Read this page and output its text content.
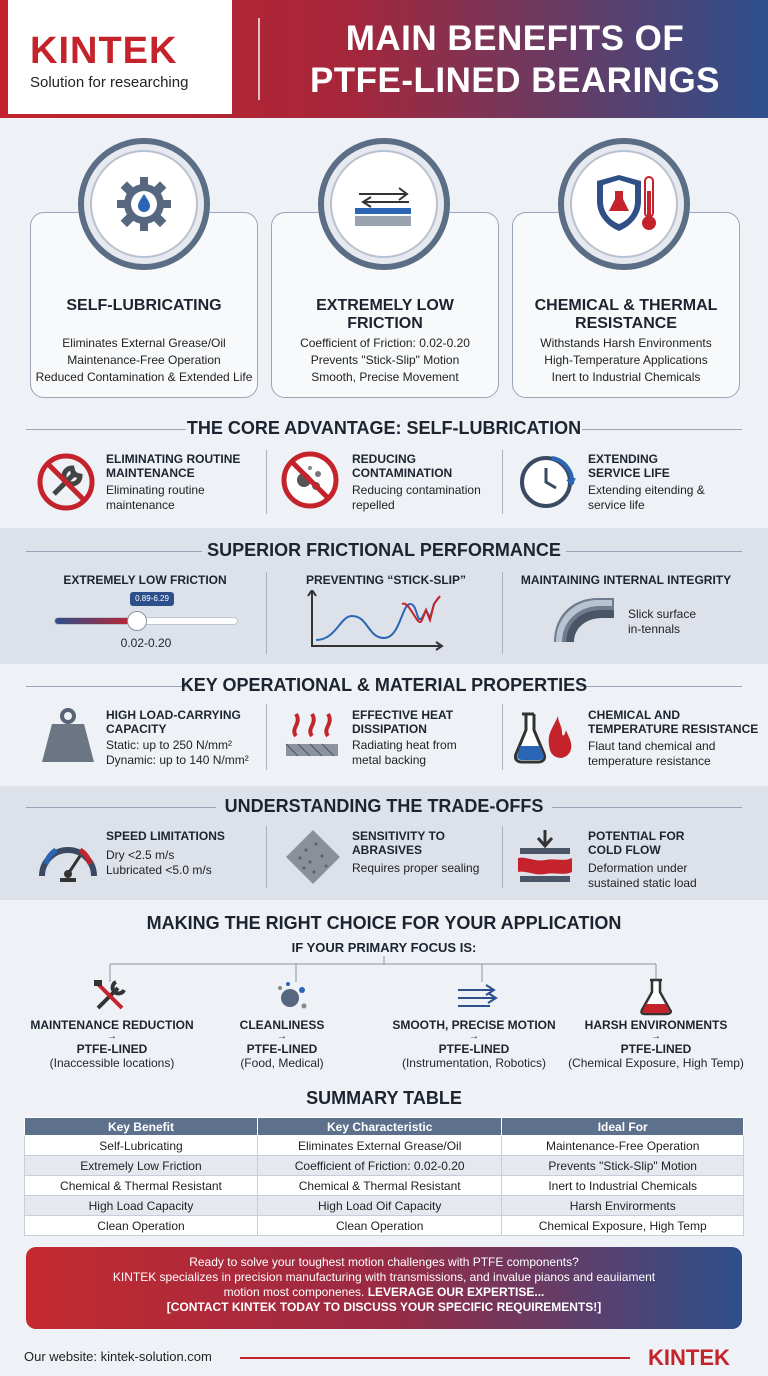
KINTEK
Solution for researching
MAIN BENEFITS OF
PTFE-LINED BEARINGS
SELF-LUBRICATING

Eliminates External Grease/Oil

Maintenance-Free Operation

Reduced Contamination & Extended Life

EXTREMELY LOW
FRICTION

Coefficient of Friction: 0.02-0.20

Prevents "Stick-Slip" Motion

Smooth, Precise Movement

CHEMICAL & THERMAL
RESISTANCE

Withstands Harsh Environments

High-Temperature Applications

Inert to Industrial Chemicals

THE CORE ADVANTAGE: SELF-LUBRICATION
ELIMINATING ROUTINE
MAINTENANCE
Eliminating routine
maintenance
REDUCING
CONTAMINATION
Reducing contamination
repelled
EXTENDING
SERVICE LIFE
Extending eitending &
service life
SUPERIOR FRICTIONAL PERFORMANCE
EXTREMELY LOW FRICTION
0.89-6.29
0.02-0.20
PREVENTING “STICK-SLIP”	MAINTAINING INTERNAL INTEGRITY
Slick surface
in-tennals
KEY OPERATIONAL & MATERIAL PROPERTIES
HIGH LOAD-CARRYING
CAPACITY
Static: up to 250 N/mm²
Dynamic: up to 140 N/mm²
EFFECTIVE HEAT
DISSIPATION
Radiating heat from
metal backing
CHEMICAL AND
TEMPERATURE RESISTANCE
Flaut tand chemical and
temperature resistance
UNDERSTANDING THE TRADE-OFFS
SPEED LIMITATIONS
Dry <2.5 m/s
Lubricated <5.0 m/s
SENSITIVITY TO
ABRASIVES
Requires proper sealing
POTENTIAL FOR
COLD FLOW
Deformation under
sustained static load
MAKING THE RIGHT CHOICE FOR YOUR APPLICATION
IF YOUR PRIMARY FOCUS IS:
MAINTENANCE REDUCTION
→
PTFE-LINED
(Inaccessible locations)
CLEANLINESS
→
PTFE-LINED
(Food, Medical)
SMOOTH, PRECISE MOTION
→
PTFE-LINED
(Instrumentation, Robotics)
HARSH ENVIRONMENTS
→
PTFE-LINED
(Chemical Exposure, High Temp)
SUMMARY TABLE
Key Benefit	Key Characteristic	Ideal For
Self-Lubricating	Eliminates External Grease/Oil	Maintenance-Free Operation
Extremely Low Friction	Coefficient of Friction: 0.02-0.20	Prevents "Stick-Slip" Motion
Chemical & Thermal Resistant	Chemical & Thermal Resistant	Inert to Industrial Chemicals
High Load Capacity	High Load Oif Capacity	Harsh Envirorments
Clean Operation	Clean Operation	Chemical Exposure, High Temp
Ready to solve your toughest motion challenges with PTFE components?
KINTEK specializes in precision manufacturing with transmissions, and invalue pianos and eauiiament
motion most componenes. LEVERAGE OUR EXPERTISE...
[CONTACT KINTEK TODAY TO DISCUSS YOUR SPECIFIC REQUIREMENTS!]
Our website: kintek-solution.com	KINTEK
